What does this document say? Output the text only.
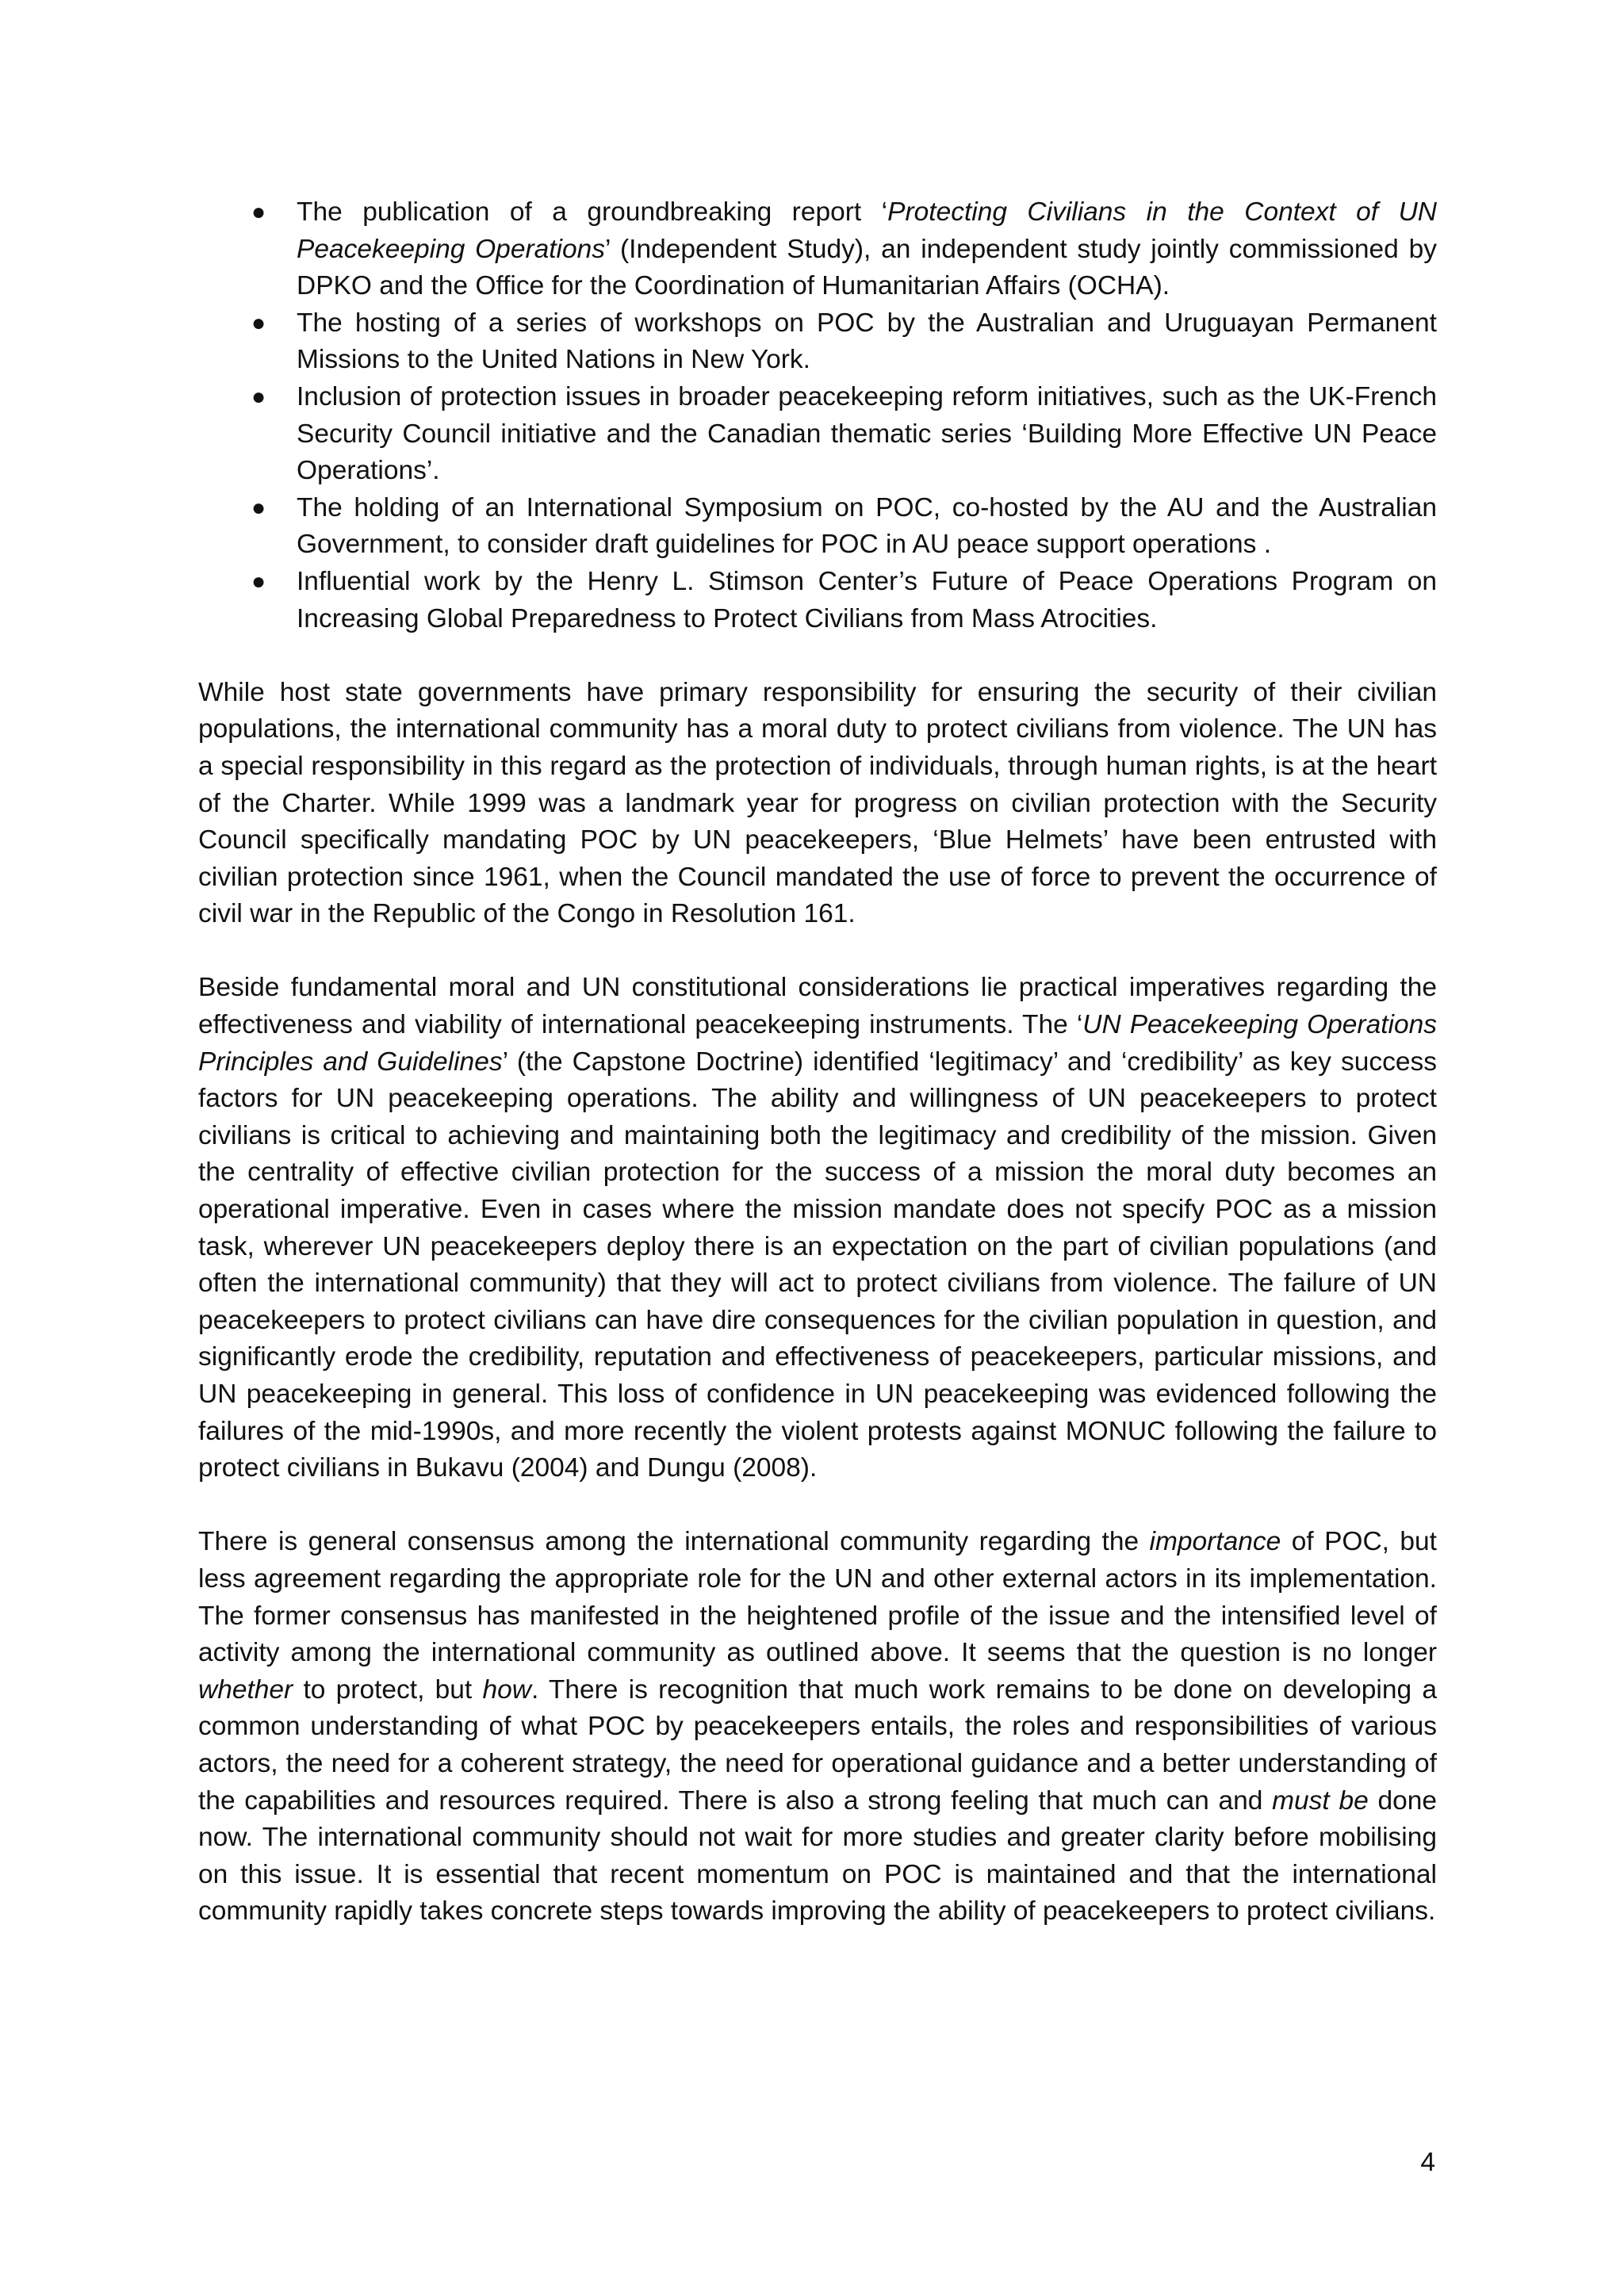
● The publication of a groundbreaking report ‘Protecting Civilians in the Context of UN Peacekeeping Operations’ (Independent Study), an independent study jointly commissioned by DPKO and the Office for the Coordination of Humanitarian Affairs (OCHA).
● The hosting of a series of workshops on POC by the Australian and Uruguayan Permanent Missions to the United Nations in New York.
● Inclusion of protection issues in broader peacekeeping reform initiatives, such as the UK-French Security Council initiative and the Canadian thematic series ‘Building More Effective UN Peace Operations’.
● The holding of an International Symposium on POC, co-hosted by the AU and the Australian Government, to consider draft guidelines for POC in AU peace support operations .
● Influential work by the Henry L. Stimson Center’s Future of Peace Operations Program on Increasing Global Preparedness to Protect Civilians from Mass Atrocities.

While host state governments have primary responsibility for ensuring the security of their civilian populations, the international community has a moral duty to protect civilians from violence. The UN has a special responsibility in this regard as the protection of individuals, through human rights, is at the heart of the Charter. While 1999 was a landmark year for progress on civilian protection with the Security Council specifically mandating POC by UN peacekeepers, ‘Blue Helmets’ have been entrusted with civilian protection since 1961, when the Council mandated the use of force to prevent the occurrence of civil war in the Republic of the Congo in Resolution 161.

Beside fundamental moral and UN constitutional considerations lie practical imperatives regarding the effectiveness and viability of international peacekeeping instruments. The ‘UN Peacekeeping Operations Principles and Guidelines’ (the Capstone Doctrine) identified ‘legitimacy’ and ‘credibility’ as key success factors for UN peacekeeping operations. The ability and willingness of UN peacekeepers to protect civilians is critical to achieving and maintaining both the legitimacy and credibility of the mission. Given the centrality of effective civilian protection for the success of a mission the moral duty becomes an operational imperative. Even in cases where the mission mandate does not specify POC as a mission task, wherever UN peacekeepers deploy there is an expectation on the part of civilian populations (and often the international community) that they will act to protect civilians from violence. The failure of UN peacekeepers to protect civilians can have dire consequences for the civilian population in question, and significantly erode the credibility, reputation and effectiveness of peacekeepers, particular missions, and UN peacekeeping in general. This loss of confidence in UN peacekeeping was evidenced following the failures of the mid-1990s, and more recently the violent protests against MONUC following the failure to protect civilians in Bukavu (2004) and Dungu (2008).

There is general consensus among the international community regarding the importance of POC, but less agreement regarding the appropriate role for the UN and other external actors in its implementation. The former consensus has manifested in the heightened profile of the issue and the intensified level of activity among the international community as outlined above. It seems that the question is no longer whether to protect, but how. There is recognition that much work remains to be done on developing a common understanding of what POC by peacekeepers entails, the roles and responsibilities of various actors, the need for a coherent strategy, the need for operational guidance and a better understanding of the capabilities and resources required. There is also a strong feeling that much can and must be done now. The international community should not wait for more studies and greater clarity before mobilising on this issue. It is essential that recent momentum on POC is maintained and that the international community rapidly takes concrete steps towards improving the ability of peacekeepers to protect civilians.

4
